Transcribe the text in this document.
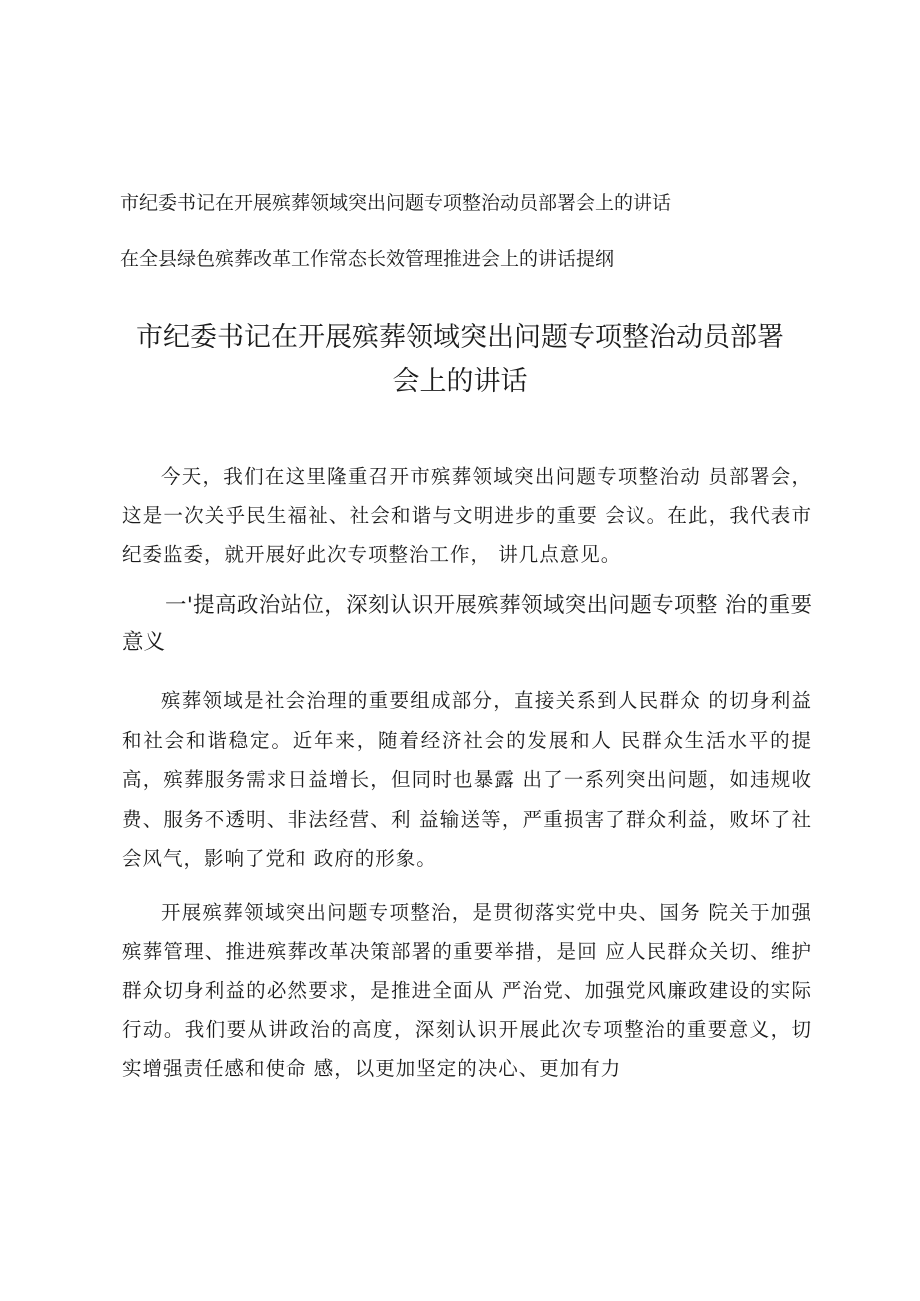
市纪委书记在开展殡葬领域突出问题专项整治动员部署会上的讲话
在全县绿色殡葬改革工作常态长效管理推进会上的讲话提纲
市纪委书记在开展殡葬领域突出问题专项整治动员部署
会上的讲话

今天，我们在这里隆重召开市殡葬领域突出问题专项整治动 员部署会，这是一次关乎民生福祉、社会和谐与文明进步的重要 会议。在此，我代表市纪委监委，就开展好此次专项整治工作， 讲几点意见。

一'提高政治站位，深刻认识开展殡葬领域突出问题专项整 治的重要意义

殡葬领域是社会治理的重要组成部分，直接关系到人民群众 的切身利益和社会和谐稳定。近年来，随着经济社会的发展和人 民群众生活水平的提高，殡葬服务需求日益增长，但同时也暴露 出了一系列突出问题，如违规收费、服务不透明、非法经营、利 益输送等，严重损害了群众利益，败坏了社会风气，影响了党和 政府的形象。

开展殡葬领域突出问题专项整治，是贯彻落实党中央、国务 院关于加强殡葬管理、推进殡葬改革决策部署的重要举措，是回 应人民群众关切、维护群众切身利益的必然要求，是推进全面从 严治党、加强党风廉政建设的实际行动。我们要从讲政治的高度，深刻认识开展此次专项整治的重要意义，切实增强责任感和使命 感，以更加坚定的决心、更加有力
